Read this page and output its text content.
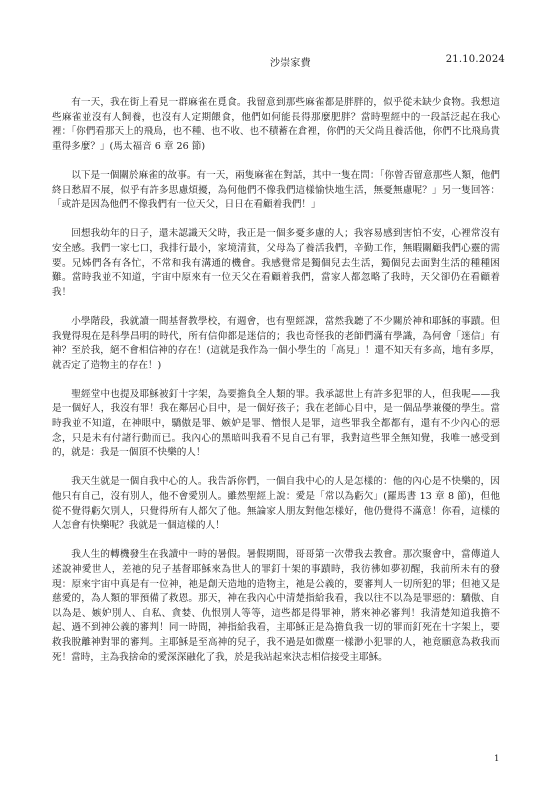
沙崇家費	21.10.2024

有一天，我在街上看見一群麻雀在覓食。我留意到那些麻雀都是胖胖的，似乎從未缺少食物。我想這些麻雀並沒有人飼養，也沒有人定期餵食，他們如何能長得那麼肥胖？當時聖經中的一段話泛起在我心裡：「你們看那天上的飛鳥，也不種、也不收、也不積蓄在倉裡，你們的天父尚且養活他，你們不比飛鳥貴重得多麼？」(馬太福音 6 章 26 節)

以下是一個關於麻雀的故事。有一天，兩隻麻雀在對話，其中一隻在問：「你曾否留意那些人類，他們終日愁眉不展，似乎有許多思慮煩擾，為何他們不像我們這樣愉快地生活，無憂無慮呢？」另一隻回答：「或許是因為他們不像我們有一位天父，日日在看顧着我們！」

回想我幼年的日子，還未認識天父時，我正是一個多憂多慮的人；我容易感到害怕不安，心裡常沒有安全感。我們一家七口，我排行最小，家境清貧，父母為了養活我們，辛勤工作，無暇關顧我們心靈的需要。兄姊們各有各忙，不常和我有溝通的機會。我感覺常是獨個兒去生活，獨個兒去面對生活的種種困難。當時我並不知道，宇宙中原來有一位天父在看顧着我們，當家人都忽略了我時，天父卻仍在看顧着我！

小學階段，我就讀一間基督教學校，有週會，也有聖經課，當然我聽了不少關於神和耶穌的事蹟。但我覺得現在是科學昌明的時代，所有信仰都是迷信的；我也奇怪我的老師們滿有學識，為何會「迷信」有神？至於我，絕不會相信神的存在！(這就是我作為一個小學生的「高見」！還不知天有多高，地有多厚，就否定了造物主的存在！)

聖經堂中也提及耶穌被釘十字架，為要擔負全人類的罪。我承認世上有許多犯罪的人，但我呢——我是一個好人，我沒有罪！我在鄰居心目中，是一個好孩子；我在老師心目中，是一個品學兼優的學生。當時我並不知道，在神眼中，驕傲是罪、嫉妒是罪、憎恨人是罪，這些罪我全都都有，還有不少內心的惡念，只是未有付諸行動而已。我內心的黑暗叫我看不見自己有罪，我對這些罪全無知覺，我唯一感受到的，就是：我是一個頂不快樂的人！

我天生就是一個自我中心的人。我告訴你們，一個自我中心的人是怎樣的：他的內心是不快樂的，因他只有自己，沒有別人，他不會愛別人。雖然聖經上說：愛是「常以為虧欠」(羅馬書 13 章 8 節)，但他從不覺得虧欠別人，只覺得所有人都欠了他。無論家人朋友對他怎樣好，他仍覺得不滿意！你看，這樣的人怎會有快樂呢？我就是一個這樣的人！

我人生的轉機發生在我讀中一時的暑假。暑假期間，哥哥第一次帶我去教會。那次聚會中，當傳道人述說神愛世人，差祂的兒子基督耶穌來為世人的罪釘十架的事蹟時，我彷彿如夢初醒，我前所未有的發現：原來宇宙中真是有一位神，祂是創天造地的造物主，祂是公義的，要審判人一切所犯的罪；但祂又是慈愛的，為人類的罪預備了救恩。那天，神在我內心中清楚指給我看，我以往不以為是罪惡的：驕傲、自以為是、嫉妒別人、自私、貪婪、仇恨別人等等，這些都是得罪神，將來神必審判！我清楚知道我擔不起、過不到神公義的審判！同一時間，神指給我看，主耶穌正是為擔負我一切的罪而釘死在十字架上，要救我脫離神對罪的審判。主耶穌是至高神的兒子，我不過是如微塵一樣渺小犯罪的人，祂竟願意為救我而死！當時，主為我捨命的愛深深融化了我，於是我站起來決志相信接受主耶穌。

1
